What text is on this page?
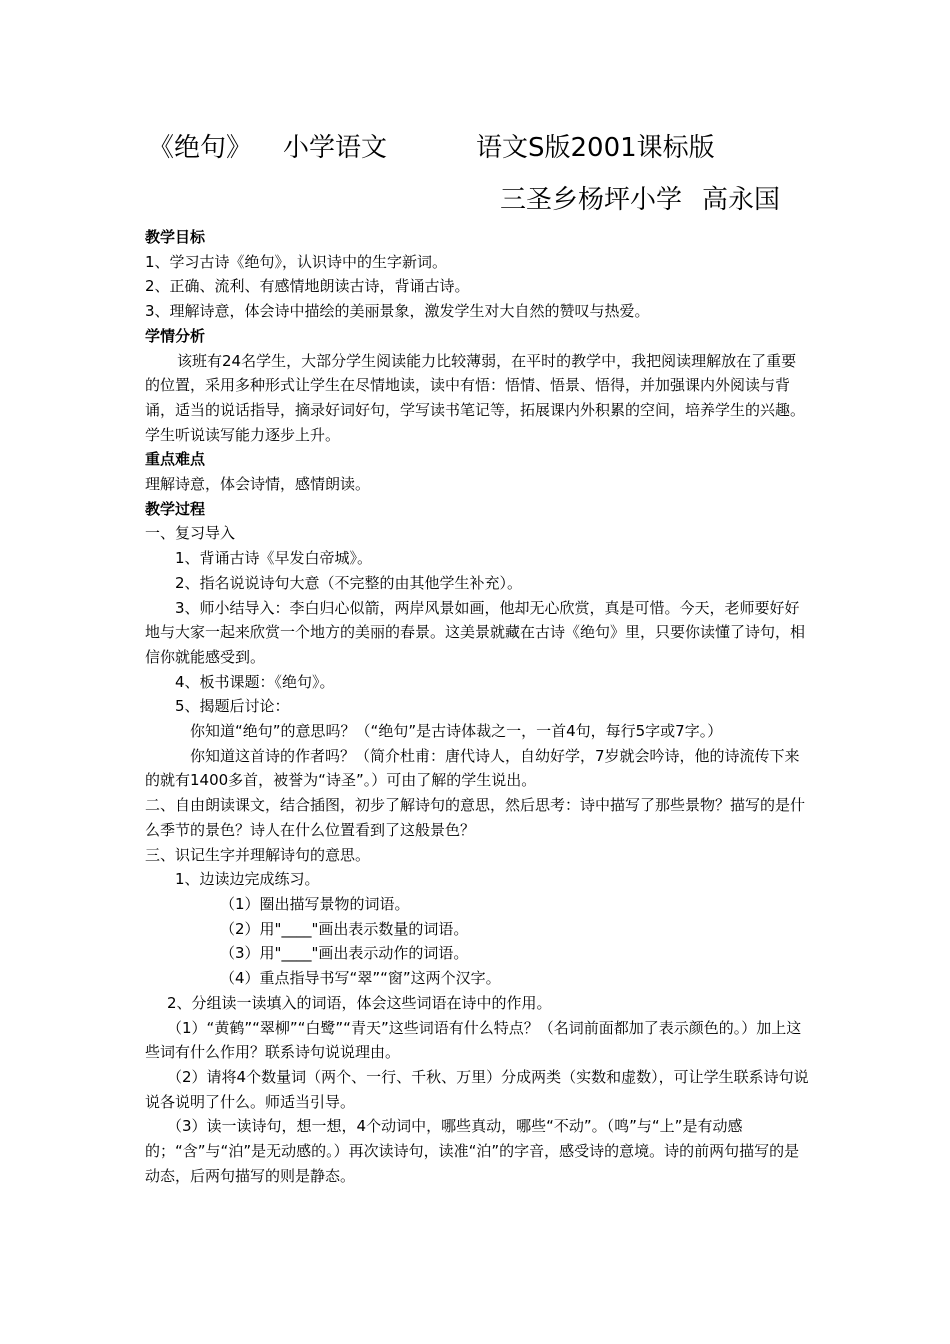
《绝句》 小学语文	语文S版2001课标版
三圣乡杨坪小学 高永国

教学目标

1、学习古诗《绝句》，认识诗中的生字新词。

2、正确、流利、有感情地朗读古诗，背诵古诗。

3、理解诗意，体会诗中描绘的美丽景象，激发学生对大自然的赞叹与热爱。

学情分析

该班有24名学生，大部分学生阅读能力比较薄弱，在平时的教学中，我把阅读理解放在了重要的位置，采用多种形式让学生在尽情地读，读中有悟：悟情、悟景、悟得，并加强课内外阅读与背诵，适当的说话指导，摘录好词好句，学写读书笔记等，拓展课内外积累的空间，培养学生的兴趣。学生听说读写能力逐步上升。

重点难点

理解诗意，体会诗情，感情朗读。

教学过程

一、复习导入

1、背诵古诗《早发白帝城》。

2、指名说说诗句大意（不完整的由其他学生补充）。

3、师小结导入：李白归心似箭，两岸风景如画，他却无心欣赏，真是可惜。今天，老师要好好地与大家一起来欣赏一个地方的美丽的春景。这美景就藏在古诗《绝句》里，只要你读懂了诗句，相信你就能感受到。

4、板书课题：《绝句》。

5、揭题后讨论：

你知道“绝句”的意思吗？（“绝句”是古诗体裁之一，一首4句，每行5字或7字。）

你知道这首诗的作者吗？（简介杜甫：唐代诗人，自幼好学，7岁就会吟诗，他的诗流传下来的就有1400多首，被誉为“诗圣”。）可由了解的学生说出。

二、自由朗读课文，结合插图，初步了解诗句的意思，然后思考：诗中描写了那些景物？描写的是什么季节的景色？诗人在什么位置看到了这般景色？

三、识记生字并理解诗句的意思。

1、边读边完成练习。

（1）圈出描写景物的词语。

（2）用"____"画出表示数量的词语。

（3）用"____"画出表示动作的词语。

（4）重点指导书写“翠”“窗”这两个汉字。

2、分组读一读填入的词语，体会这些词语在诗中的作用。

（1）“黄鹤”“翠柳”“白鹭”“青天”这些词语有什么特点？（名词前面都加了表示颜色的。）加上这些词有什么作用？联系诗句说说理由。

（2）请将4个数量词（两个、一行、千秋、万里）分成两类（实数和虚数），可让学生联系诗句说说各说明了什么。师适当引导。

（3）读一读诗句，想一想，4个动词中，哪些真动，哪些“不动”。（鸣”与“上”是有动感的；“含”与“泊”是无动感的。）再次读诗句，读准“泊”的字音，感受诗的意境。诗的前两句描写的是动态，后两句描写的则是静态。
